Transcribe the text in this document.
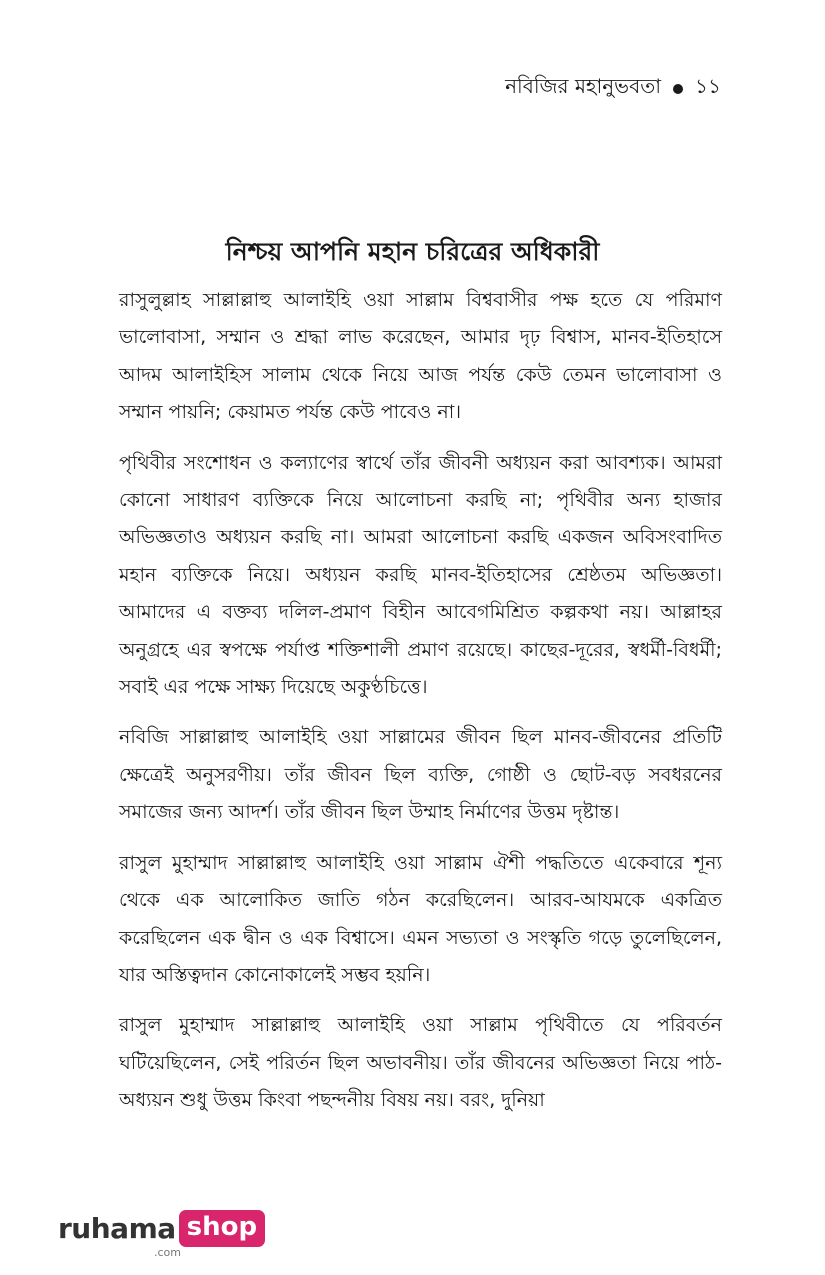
নবিজির মহানুভবতা ১১
নিশ্চয় আপনি মহান চরিত্রের অধিকারী

রাসুলুল্লাহ সাল্লাল্লাহু আলাইহি ওয়া সাল্লাম বিশ্ববাসীর পক্ষ হতে যে পরিমাণ ভালোবাসা, সম্মান ও শ্রদ্ধা লাভ করেছেন, আমার দৃঢ় বিশ্বাস, মানব-ইতিহাসে আদম আলাইহিস সালাম থেকে নিয়ে আজ পর্যন্ত কেউ তেমন ভালোবাসা ও সম্মান পায়নি; কেয়ামত পর্যন্ত কেউ পাবেও না।

পৃথিবীর সংশোধন ও কল্যাণের স্বার্থে তাঁর জীবনী অধ্যয়ন করা আবশ্যক। আমরা কোনো সাধারণ ব্যক্তিকে নিয়ে আলোচনা করছি না; পৃথিবীর অন্য হাজার অভিজ্ঞতাও অধ্যয়ন করছি না। আমরা আলোচনা করছি একজন অবিসংবাদিত মহান ব্যক্তিকে নিয়ে। অধ্যয়ন করছি মানব-ইতিহাসের শ্রেষ্ঠতম অভিজ্ঞতা। আমাদের এ বক্তব্য দলিল-প্রমাণ বিহীন আবেগমিশ্রিত কল্পকথা নয়। আল্লাহর অনুগ্রহে এর স্বপক্ষে পর্যাপ্ত শক্তিশালী প্রমাণ রয়েছে। কাছের-দূরের, স্বধর্মী-বিধর্মী; সবাই এর পক্ষে সাক্ষ্য দিয়েছে অকুণ্ঠচিত্তে।

নবিজি সাল্লাল্লাহু আলাইহি ওয়া সাল্লামের জীবন ছিল মানব-জীবনের প্রতিটি ক্ষেত্রেই অনুসরণীয়। তাঁর জীবন ছিল ব্যক্তি, গোষ্ঠী ও ছোট-বড় সবধরনের সমাজের জন্য আদর্শ। তাঁর জীবন ছিল উম্মাহ নির্মাণের উত্তম দৃষ্টান্ত।

রাসুল মুহাম্মাদ সাল্লাল্লাহু আলাইহি ওয়া সাল্লাম ঐশী পদ্ধতিতে একেবারে শূন্য থেকে এক আলোকিত জাতি গঠন করেছিলেন। আরব-আযমকে একত্রিত করেছিলেন এক দ্বীন ও এক বিশ্বাসে। এমন সভ্যতা ও সংস্কৃতি গড়ে তুলেছিলেন, যার অস্তিত্বদান কোনোকালেই সম্ভব হয়নি।

রাসুল মুহাম্মাদ সাল্লাল্লাহু আলাইহি ওয়া সাল্লাম পৃথিবীতে যে পরিবর্তন ঘটিয়েছিলেন, সেই পরির্তন ছিল অভাবনীয়। তাঁর জীবনের অভিজ্ঞতা নিয়ে পাঠ-অধ্যয়ন শুধু উত্তম কিংবা পছন্দনীয় বিষয় নয়। বরং, দুনিয়া

ruhama shop
.com
